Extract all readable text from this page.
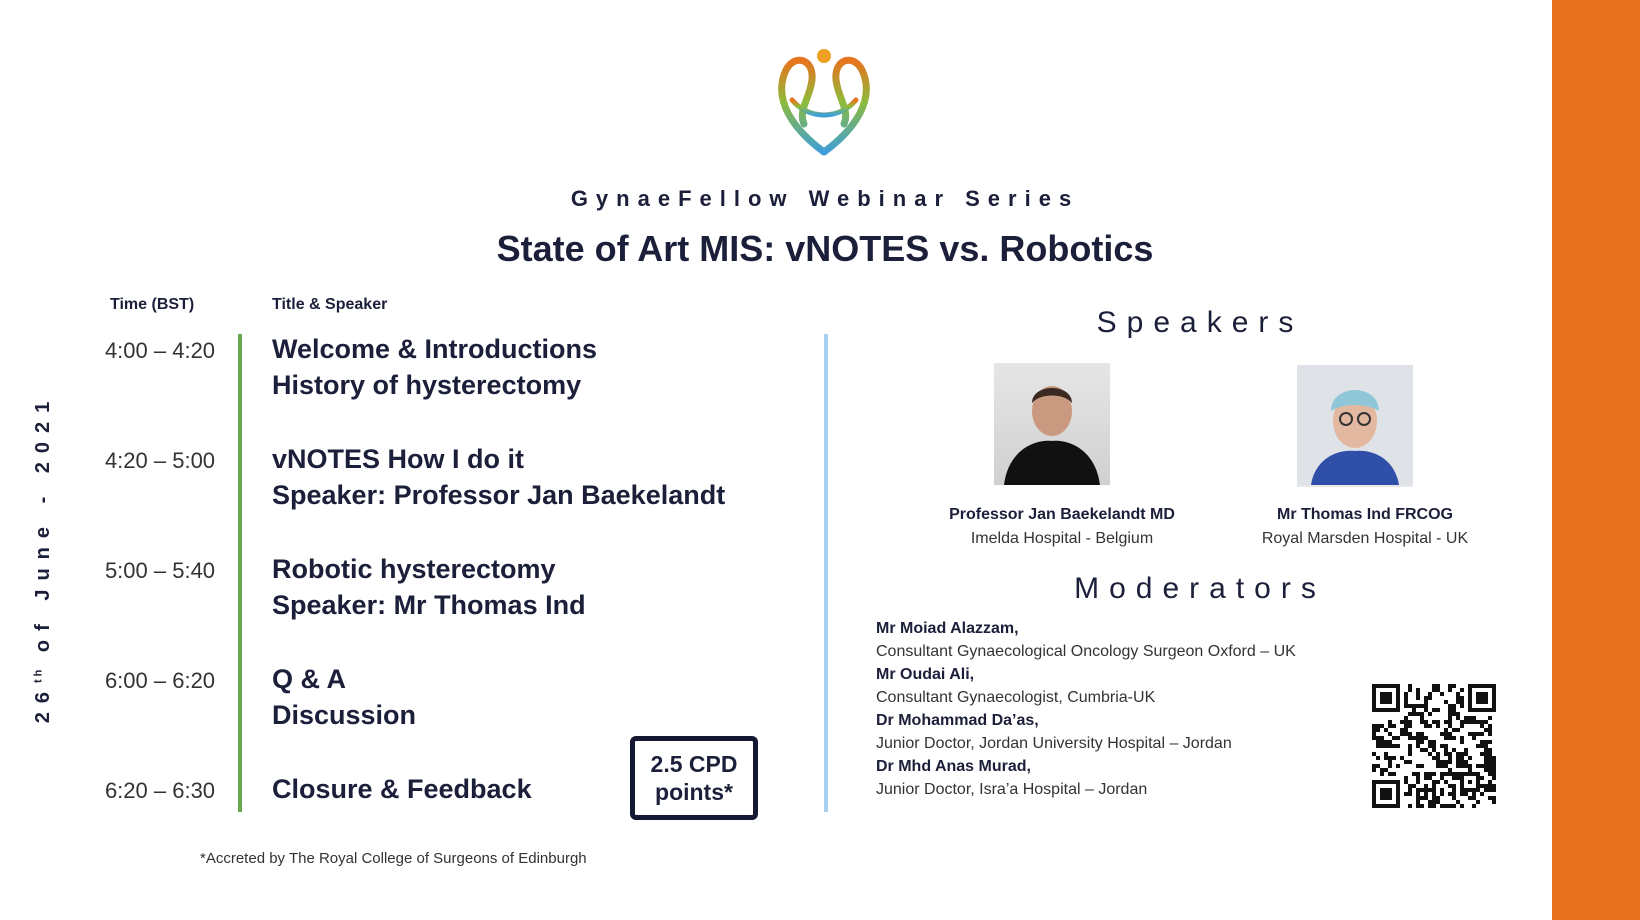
GynaeFellow Webinar Series
State of Art MIS: vNOTES vs. Robotics
Time (BST)	Title & Speaker
4:00 – 4:20	Welcome & Introductions
History of hysterectomy
4:20 – 5:00	vNOTES How I do it
Speaker: Professor Jan Baekelandt
5:00 – 5:40	Robotic hysterectomy
Speaker: Mr Thomas Ind
6:00 – 6:20	Q & A
Discussion
6:20 – 6:30	Closure & Feedback
26th of June - 2021
2.5 CPD
points*
*Accreted by The Royal College of Surgeons of Edinburgh
Speakers
Professor Jan Baekelandt MD
Imelda Hospital - Belgium
Mr Thomas Ind FRCOG
Royal Marsden Hospital - UK
Moderators
Mr Moiad Alazzam,
Consultant Gynaecological Oncology Surgeon Oxford – UK
Mr Oudai Ali,
Consultant Gynaecologist, Cumbria-UK
Dr Mohammad Da’as,
Junior Doctor, Jordan University Hospital – Jordan
Dr Mhd Anas Murad,
Junior Doctor, Isra’a Hospital – Jordan
